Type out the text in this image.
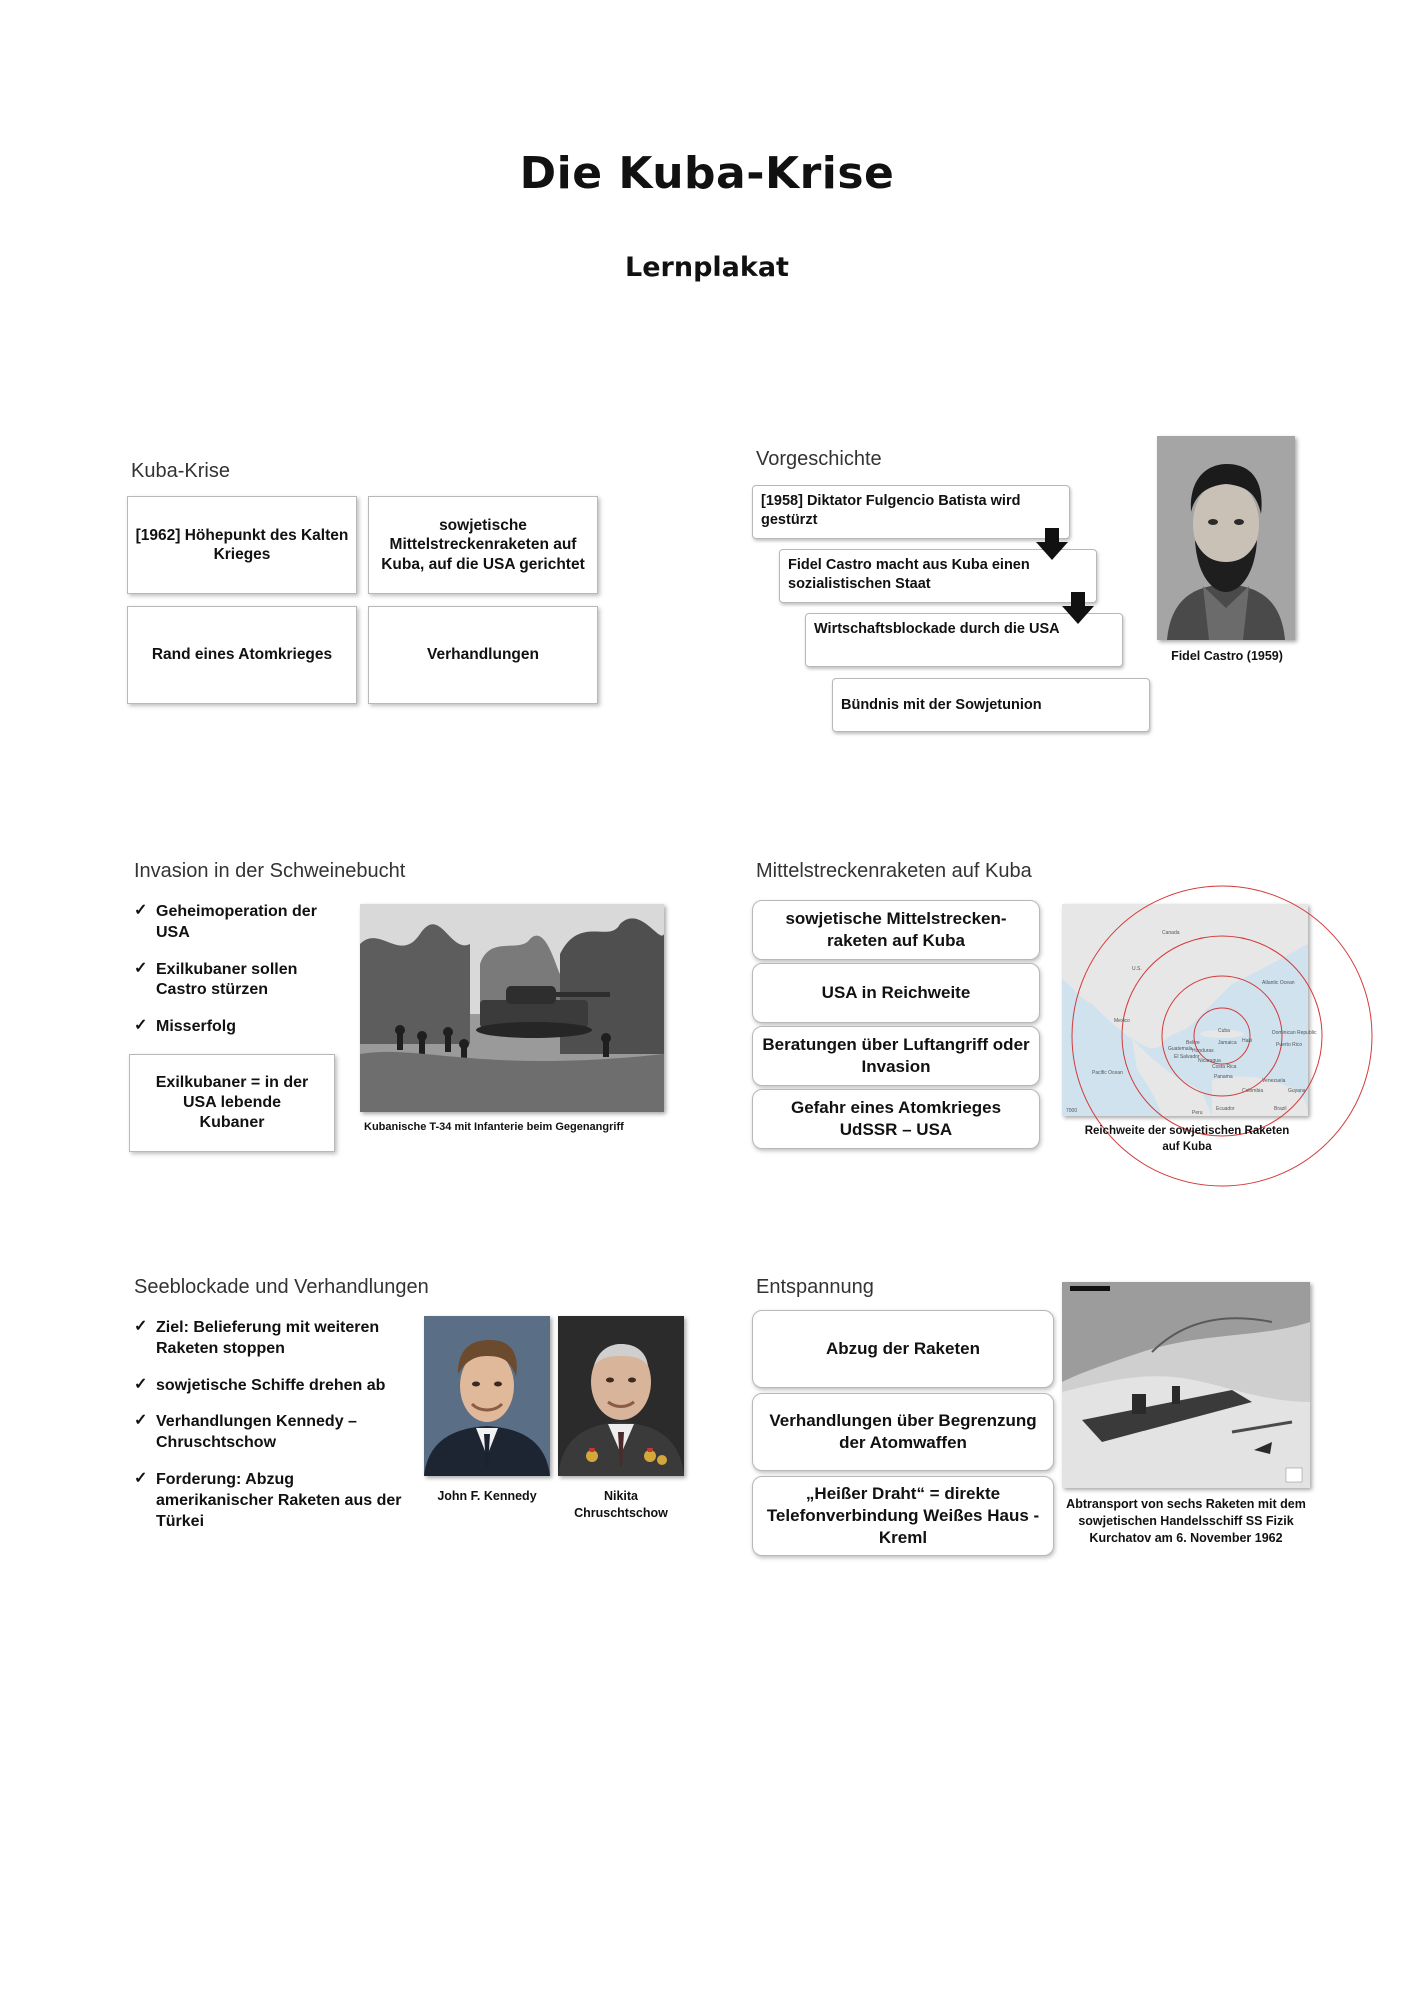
Die Kuba-Krise
Lernplakat
Kuba-Krise
[1962] Höhepunkt des Kalten Krieges
sowjetische Mittelstreckenraketen auf Kuba, auf die USA gerichtet
Rand eines Atomkrieges	Verhandlungen
Vorgeschichte
[1958] Diktator Fulgencio Batista wird gestürzt
Fidel Castro macht aus Kuba einen sozialistischen Staat
Wirtschaftsblockade durch die USA
Bündnis mit der Sowjetunion
Fidel Castro (1959)
Invasion in der Schweinebucht
✓ Geheimoperation der USA
✓ Exilkubaner sollen Castro stürzen
✓ Misserfolg
Exilkubaner = in der USA lebende Kubaner	Kubanische T-34 mit Infanterie beim Gegenangriff
Mittelstreckenraketen auf Kuba
sowjetische Mittelstrecken-raketen auf Kuba
USA in Reichweite
Beratungen über Luftangriff oder Invasion
Gefahr eines Atomkrieges UdSSR – USA
Canada
U.S.
Mexico
Cuba
Jamaica Haiti
Dominican Republic
Puerto Rico
Honduras
Nicaragua
El Salvador
Guatemala
Belize
Costa Rica
Panama
Colombia
Venezuela
Guyana
Ecuador	Brazil
Peru
Atlantic Ocean
Pacific Ocean
7000
Reichweite der sowjetischen Raketen auf Kuba
Seeblockade und Verhandlungen
✓ Ziel: Belieferung mit weiteren Raketen stoppen
✓ sowjetische Schiffe drehen ab
✓ Verhandlungen Kennedy – Chruschtschow
✓ Forderung: Abzug amerikanischer Raketen aus der Türkei
John F. Kennedy	Nikita Chruschtschow
Entspannung
Abzug der Raketen
Verhandlungen über Begrenzung der Atomwaffen
„Heißer Draht“ = direkte Telefonverbindung Weißes Haus - Kreml
Abtransport von sechs Raketen mit dem sowjetischen Handelsschiff SS Fizik Kurchatov am 6. November 1962
